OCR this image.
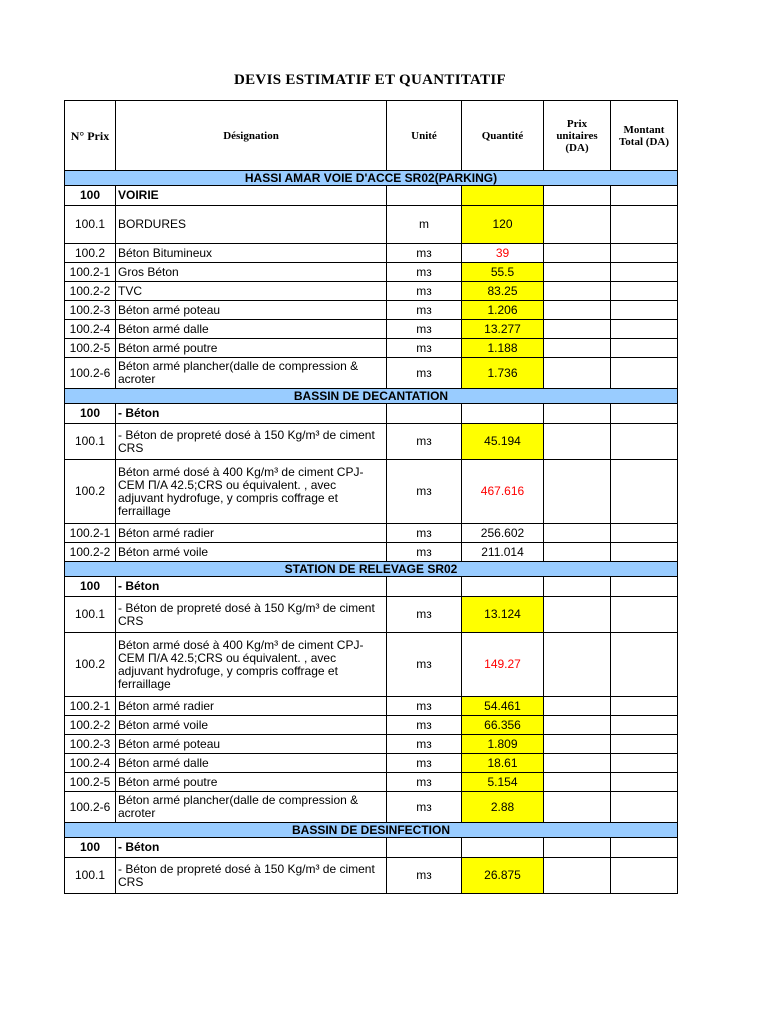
DEVIS ESTIMATIF ET QUANTITATIF
N° Prix	Désignation	Unité	Quantité	Prix unitaires (DA)	Montant Total (DA)
HASSI AMAR VOIE D'ACCE SR02(PARKING)					
100	VOIRIE				
100.1	BORDURES	m	120		
100.2	Béton Bitumineux	mᴈ	39		
100.2-1	Gros Béton	mᴈ	55.5		
100.2-2	TVC	mᴈ	83.25		
100.2-3	Béton armé poteau	mᴈ	1.206		
100.2-4	Béton armé dalle	mᴈ	13.277		
100.2-5	Béton armé poutre	mᴈ	1.188		
100.2-6	Béton armé plancher(dalle de compression & acroter	mᴈ	1.736		
BASSIN DE DECANTATION					
100	- Béton				
100.1	- Béton de propreté dosé à 150 Kg/m³ de ciment CRS	mᴈ	45.194		
100.2	Béton armé dosé à 400 Kg/m³ de ciment CPJ-CEM П/A 42.5;CRS ou équivalent. , avec adjuvant hydrofuge, y compris coffrage et ferraillage	mᴈ	467.616		
100.2-1	Béton armé radier	mᴈ	256.602		
100.2-2	Béton armé voile	mᴈ	211.014		
STATION DE RELEVAGE SR02					
100	- Béton				
100.1	- Béton de propreté dosé à 150 Kg/m³ de ciment CRS	mᴈ	13.124		
100.2	Béton armé dosé à 400 Kg/m³ de ciment CPJ-CEM П/A 42.5;CRS ou équivalent. , avec adjuvant hydrofuge, y compris coffrage et ferraillage	mᴈ	149.27		
100.2-1	Béton armé radier	mᴈ	54.461		
100.2-2	Béton armé voile	mᴈ	66.356		
100.2-3	Béton armé poteau	mᴈ	1.809		
100.2-4	Béton armé dalle	mᴈ	18.61		
100.2-5	Béton armé poutre	mᴈ	5.154		
100.2-6	Béton armé plancher(dalle de compression & acroter	mᴈ	2.88		
BASSIN DE DESINFECTION					
100	- Béton				
100.1	- Béton de propreté dosé à 150 Kg/m³ de ciment CRS	mᴈ	26.875		
